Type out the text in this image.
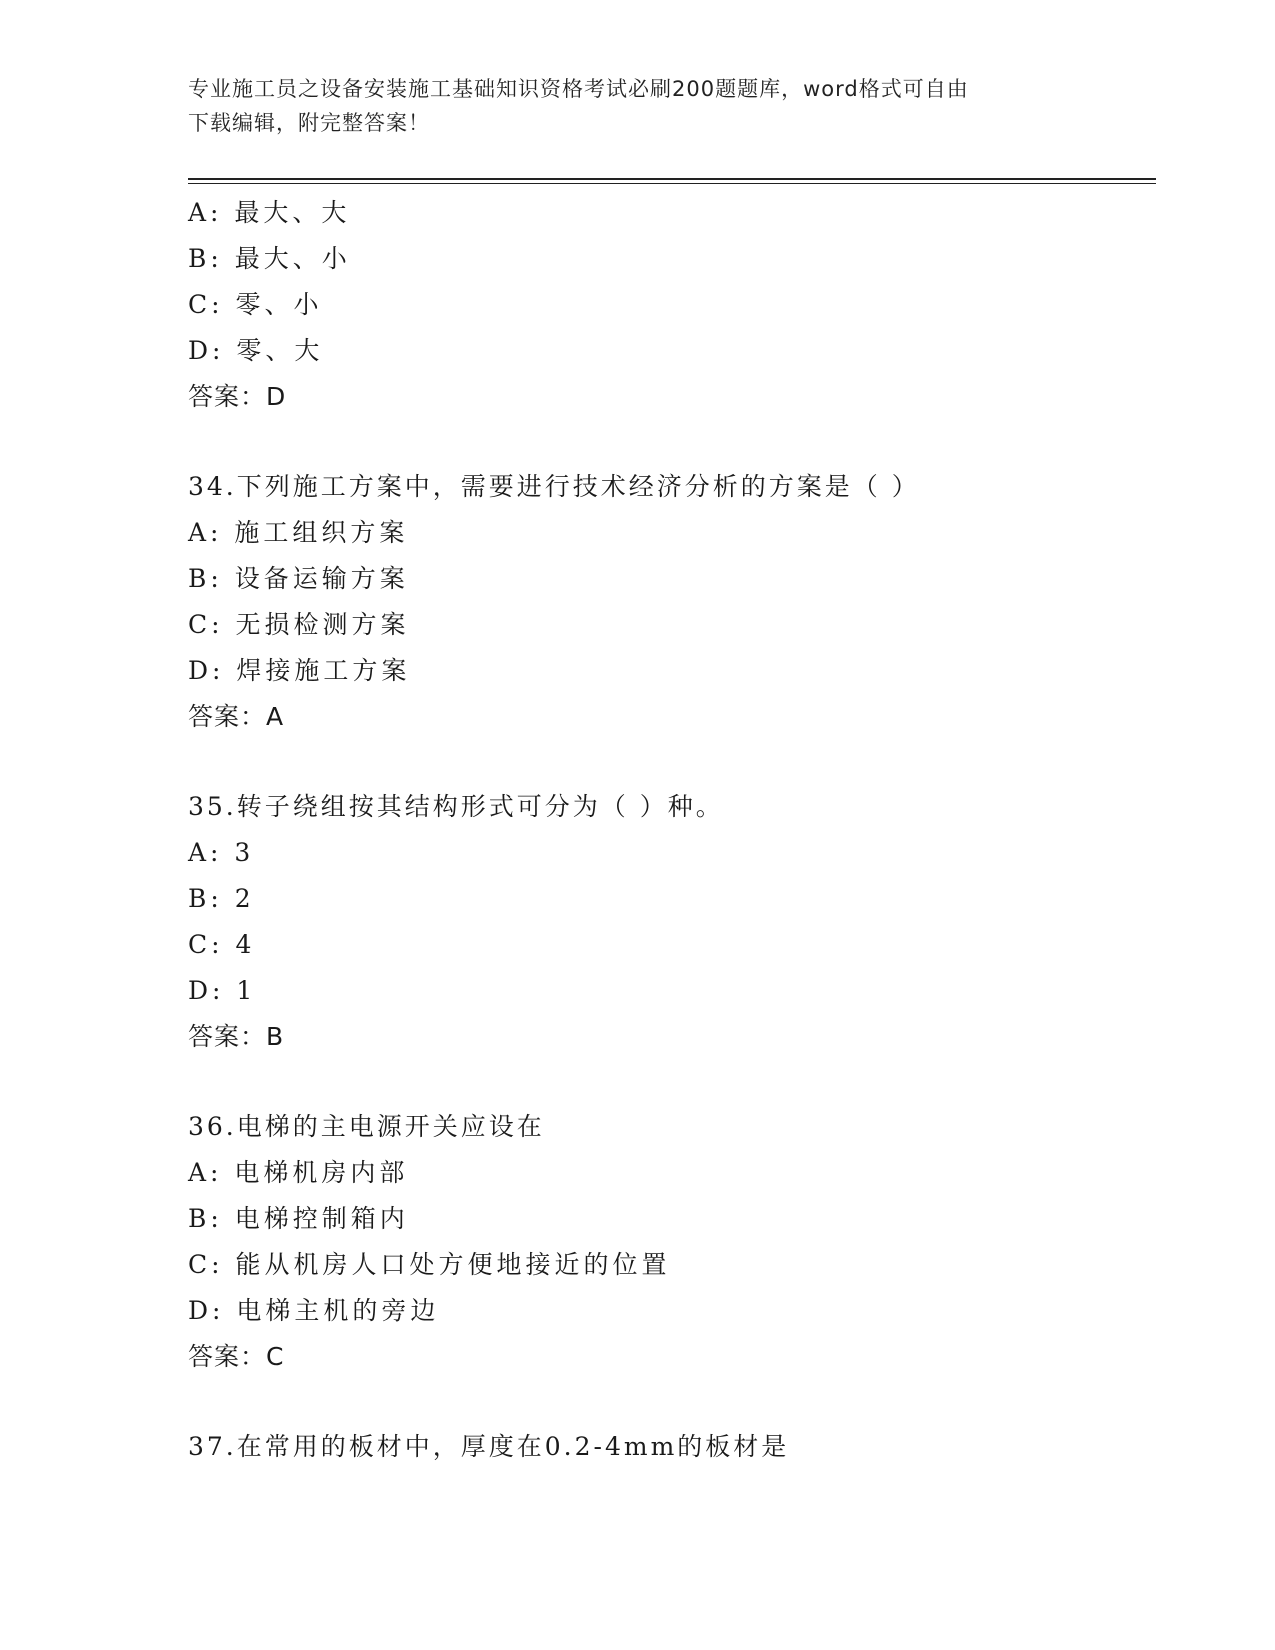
专业施工员之设备安装施工基础知识资格考试必刷200题题库，word格式可自由
下载编辑，附完整答案！
A: 最大、大
B: 最大、小
C: 零、小
D: 零、大
答案：D
34.下列施工方案中，需要进行技术经济分析的方案是（ ）
A: 施工组织方案
B: 设备运输方案
C: 无损检测方案
D: 焊接施工方案
答案：A
35.转子绕组按其结构形式可分为（ ）种。
A: 3
B: 2
C: 4
D: 1
答案：B
36.电梯的主电源开关应设在
A: 电梯机房内部
B: 电梯控制箱内
C: 能从机房人口处方便地接近的位置
D: 电梯主机的旁边
答案：C
37.在常用的板材中，厚度在0.2-4mm的板材是
